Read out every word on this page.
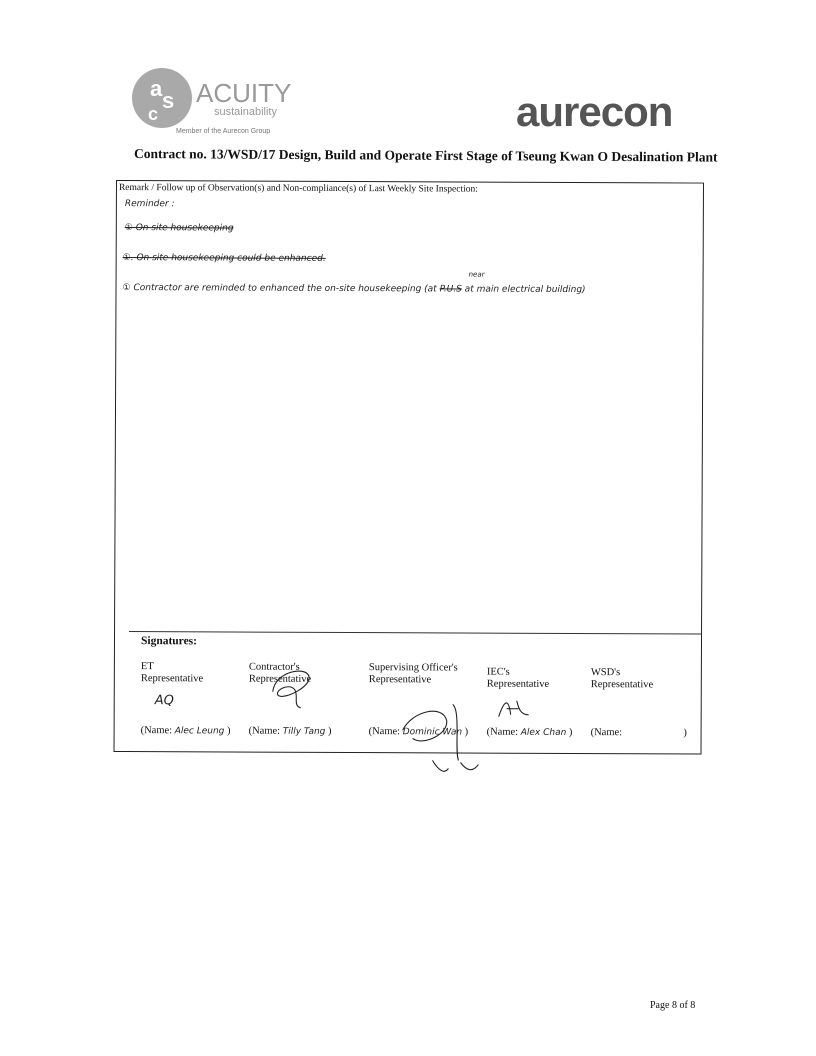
a s
c
ACUITY
sustainability
Member of the Aurecon Group	aurecon
Contract no. 13/WSD/17 Design, Build and Operate First Stage of Tseung Kwan O Desalination Plant
Remark / Follow up of Observation(s) and Non-compliance(s) of Last Weekly Site Inspection:
Reminder :
① On site housekeeping
①. On site housekeeping could be enhanced.
① Contractor are reminded to enhanced the on-site housekeeping (at P.U.S at main electrical building)
near
Signatures:
ET
Representative
AQ
(Name: Alec Leung )
Contractor's
Representative
(Name: Tilly Tang )
Supervising Officer's
Representative
(Name: Dominic Wan )
IEC's
Representative
(Name: Alex Chan )
WSD's
Representative
(Name:	)
Page 8 of 8
